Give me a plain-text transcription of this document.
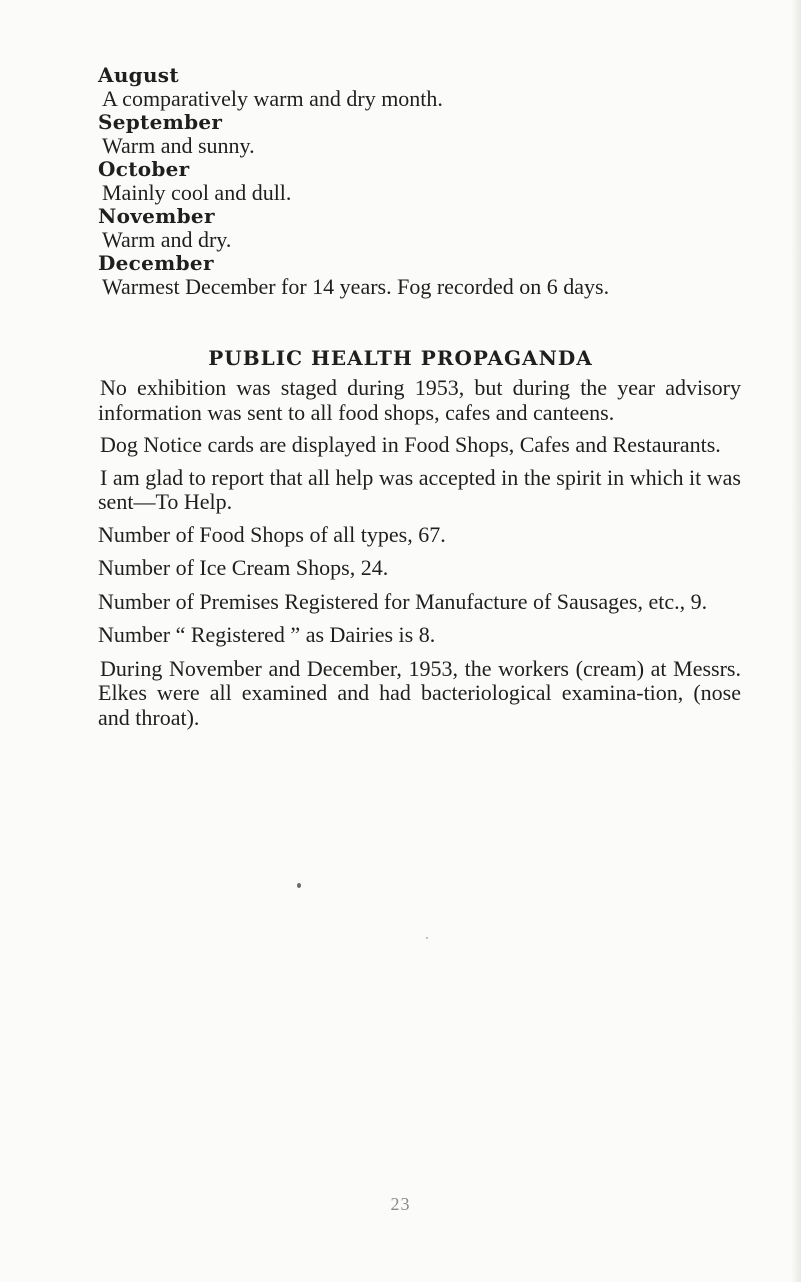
August

A comparatively warm and dry month.

September

Warm and sunny.

October

Mainly cool and dull.

November

Warm and dry.

December

Warmest December for 14 years. Fog recorded on 6 days.

PUBLIC HEALTH PROPAGANDA

No exhibition was staged during 1953, but during the year advisory information was sent to all food shops, cafes and canteens.

Dog Notice cards are displayed in Food Shops, Cafes and Restaurants.

I am glad to report that all help was accepted in the spirit in which it was sent—To Help.

Number of Food Shops of all types, 67.

Number of Ice Cream Shops, 24.

Number of Premises Registered for Manufacture of Sausages, etc., 9.

Number “ Registered ” as Dairies is 8.

During November and December, 1953, the workers (cream) at Messrs. Elkes were all examined and had bacteriological examina-tion, (nose and throat).

23
